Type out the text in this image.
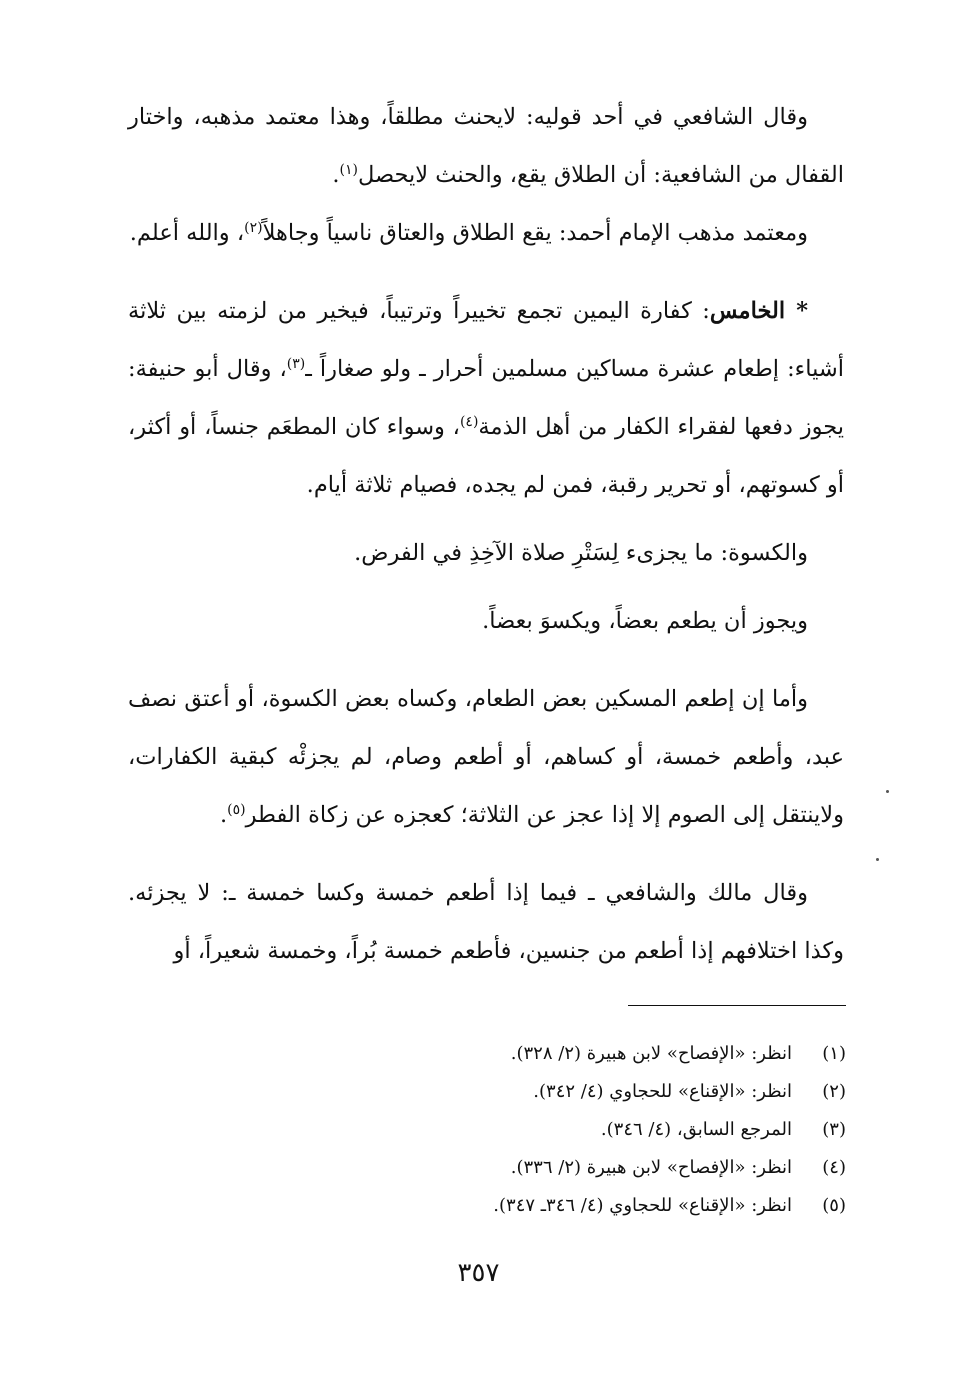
وقال الشافعي في أحد قوليه: لايحنث مطلقاً، وهذا معتمد مذهبه، واختار القفال من الشافعية: أن الطلاق يقع، والحنث لايحصل$^{(١)}$.

ومعتمد مذهب الإمام أحمد: يقع الطلاق والعتاق ناسياً وجاهلاً$^{(٢)}$، والله أعلم.

* الخامس: كفارة اليمين تجمع تخييراً وترتيباً، فيخير من لزمته بين ثلاثة أشياء: إطعام عشرة مساكين مسلمين أحرار ـ ولو صغاراً ـ$^{(٣)}$، وقال أبو حنيفة: يجوز دفعها لفقراء الكفار من أهل الذمة$^{(٤)}$، وسواء كان المطعَم جنساً، أو أكثر، أو كسوتهم، أو تحرير رقبة، فمن لم يجده، فصيام ثلاثة أيام.

والكسوة: ما يجزىء لِسَتْرِ صلاة الآخِذِ في الفرض.

ويجوز أن يطعم بعضاً، ويكسوَ بعضاً.

وأما إن إطعم المسكين بعض الطعام، وكساه بعض الكسوة، أو أعتق نصف عبد، وأطعم خمسة، أو كساهم، أو أطعم وصام، لم يجزئْه كبقية الكفارات، ولاينتقل إلى الصوم إلا إذا عجز عن الثلاثة؛ كعجزه عن زكاة الفطر$^{(٥)}$.

وقال مالك والشافعي ـ فيما إذا أطعم خمسة وكسا خمسة ـ: لا يجزئه. وكذا اختلافهم إذا أطعم من جنسين، فأطعم خمسة بُراً، وخمسة شعيراً، أو

(١)انظر: «الإفصاح» لابن هبيرة (٢/ ٣٢٨).
(٢)انظر: «الإقناع» للحجاوي (٤/ ٣٤٢).
(٣)المرجع السابق، (٤/ ٣٤٦).
(٤)انظر: «الإفصاح» لابن هبيرة (٢/ ٣٣٦).
(٥)انظر: «الإقناع» للحجاوي (٤/ ٣٤٦ـ ٣٤٧).
٣٥٧
